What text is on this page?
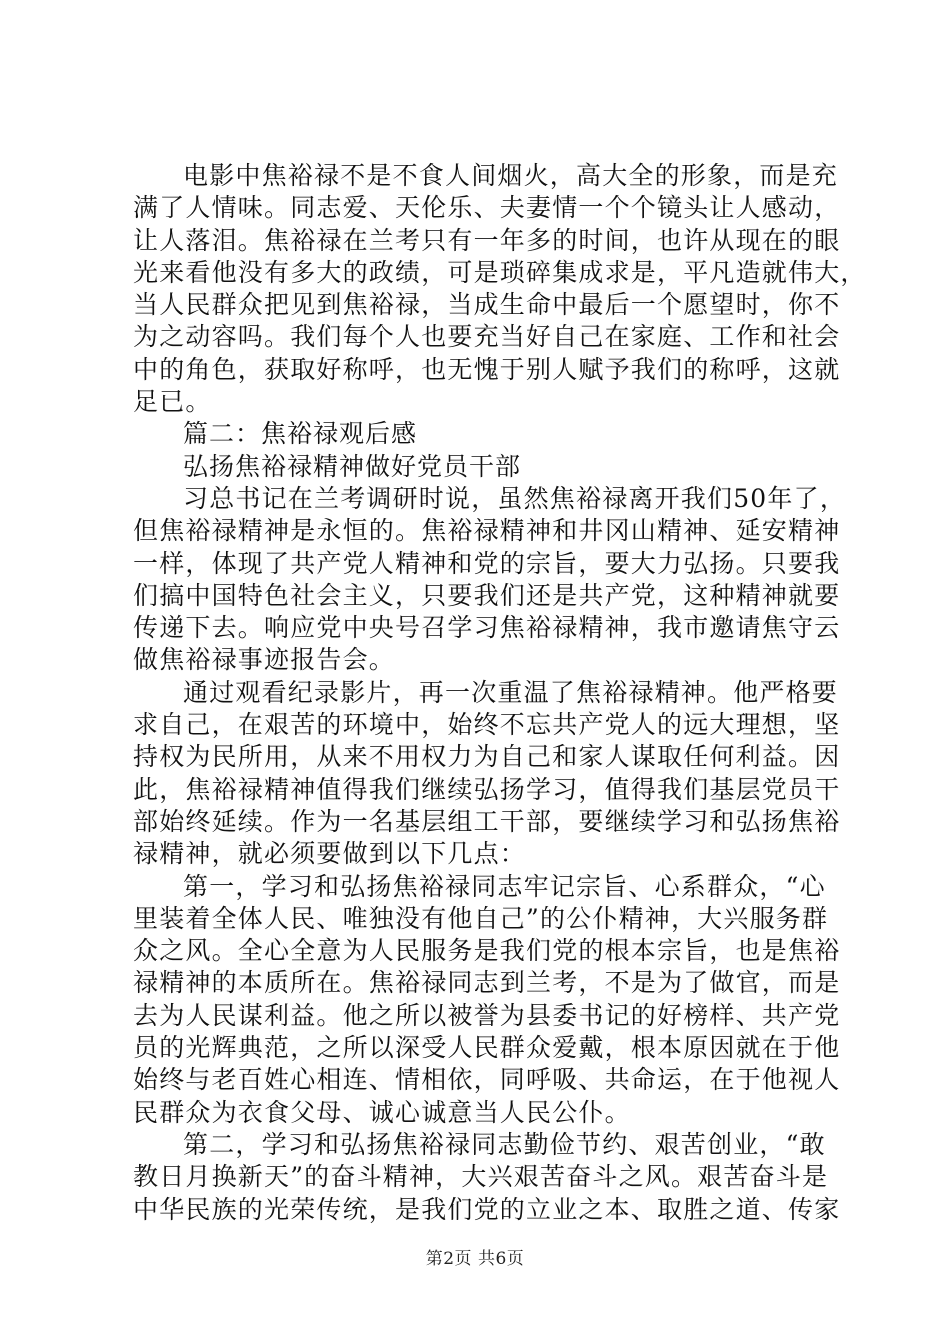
电影中焦裕禄不是不食人间烟火，高大全的形象，而是充
满了人情味。同志爱、天伦乐、夫妻情一个个镜头让人感动，
让人落泪。焦裕禄在兰考只有一年多的时间，也许从现在的眼
光来看他没有多大的政绩，可是琐碎集成求是，平凡造就伟大，
当人民群众把见到焦裕禄，当成生命中最后一个愿望时，你不
为之动容吗。我们每个人也要充当好自己在家庭、工作和社会
中的角色，获取好称呼，也无愧于别人赋予我们的称呼，这就
足已。
篇二：焦裕禄观后感
弘扬焦裕禄精神做好党员干部
习总书记在兰考调研时说，虽然焦裕禄离开我们50年了，
但焦裕禄精神是永恒的。焦裕禄精神和井冈山精神、延安精神
一样，体现了共产党人精神和党的宗旨，要大力弘扬。只要我
们搞中国特色社会主义，只要我们还是共产党，这种精神就要
传递下去。响应党中央号召学习焦裕禄精神，我市邀请焦守云
做焦裕禄事迹报告会。
通过观看纪录影片，再一次重温了焦裕禄精神。他严格要
求自己，在艰苦的环境中，始终不忘共产党人的远大理想，坚
持权为民所用，从来不用权力为自己和家人谋取任何利益。因
此，焦裕禄精神值得我们继续弘扬学习，值得我们基层党员干
部始终延续。作为一名基层组工干部，要继续学习和弘扬焦裕
禄精神，就必须要做到以下几点：
第一，学习和弘扬焦裕禄同志牢记宗旨、心系群众，“心
里装着全体人民、唯独没有他自己”的公仆精神，大兴服务群
众之风。全心全意为人民服务是我们党的根本宗旨，也是焦裕
禄精神的本质所在。焦裕禄同志到兰考，不是为了做官，而是
去为人民谋利益。他之所以被誉为县委书记的好榜样、共产党
员的光辉典范，之所以深受人民群众爱戴，根本原因就在于他
始终与老百姓心相连、情相依，同呼吸、共命运，在于他视人
民群众为衣食父母、诚心诚意当人民公仆。
第二，学习和弘扬焦裕禄同志勤俭节约、艰苦创业，“敢
教日月换新天”的奋斗精神，大兴艰苦奋斗之风。艰苦奋斗是
中华民族的光荣传统，是我们党的立业之本、取胜之道、传家
第2页 共6页
